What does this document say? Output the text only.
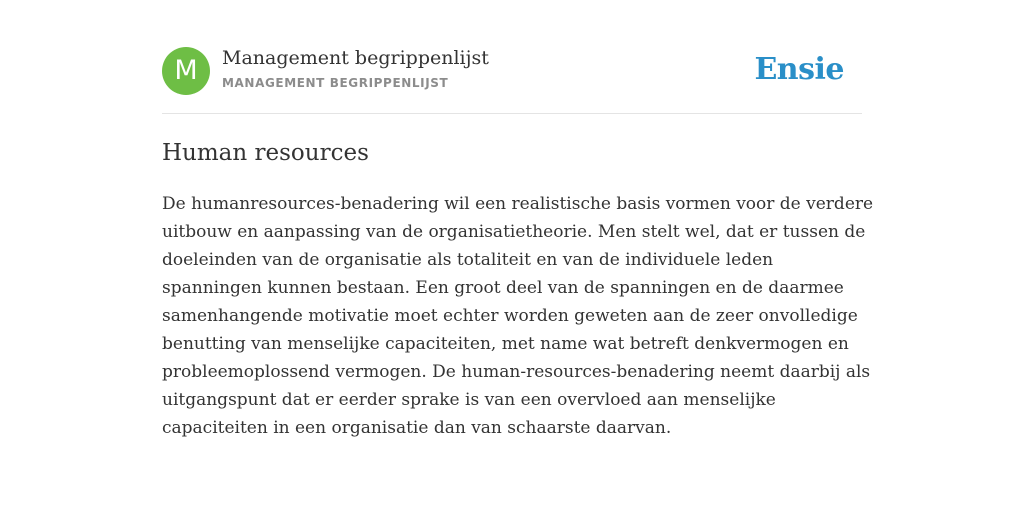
M	Management begrippenlijst
MANAGEMENT BEGRIPPENLIJST	Ensie
Human resources

De humanresources-benadering wil een realistische basis vormen voor de verdere
uitbouw en aanpassing van de organisatietheorie. Men stelt wel, dat er tussen de
doeleinden van de organisatie als totaliteit en van de individuele leden
spanningen kunnen bestaan. Een groot deel van de spanningen en de daarmee
samenhangende motivatie moet echter worden geweten aan de zeer onvolledige
benutting van menselijke capaciteiten, met name wat betreft denkvermogen en
probleemoplossend vermogen. De human-resources-benadering neemt daarbij als
uitgangspunt dat er eerder sprake is van een overvloed aan menselijke
capaciteiten in een organisatie dan van schaarste daarvan.
